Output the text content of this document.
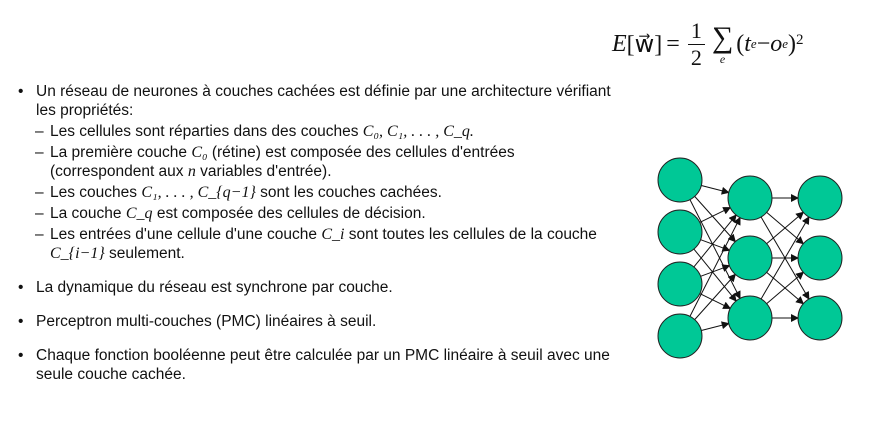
E [w⃗] = $\frac{1}{2}$ ∑
e
( t e − o e )$^2$
• Un réseau de neurones à couches cachées est définie par une architecture vérifiant les propriétés:
– Les cellules sont réparties dans des couches C₀, C₁, . . . , C_q.
– La première couche C₀ (rétine) est composée des cellules d'entrées (correspondent aux n variables d'entrée).
– Les couches C₁, . . . , C_{q−1} sont les couches cachées.
– La couche C_q est composée des cellules de décision.
– Les entrées d'une cellule d'une couche C_i sont toutes les cellules de la couche C_{i−1} seulement.
• La dynamique du réseau est synchrone par couche.
• Perceptron multi-couches (PMC) linéaires à seuil.
• Chaque fonction booléenne peut être calculée par un PMC linéaire à seuil avec une seule couche cachée.
